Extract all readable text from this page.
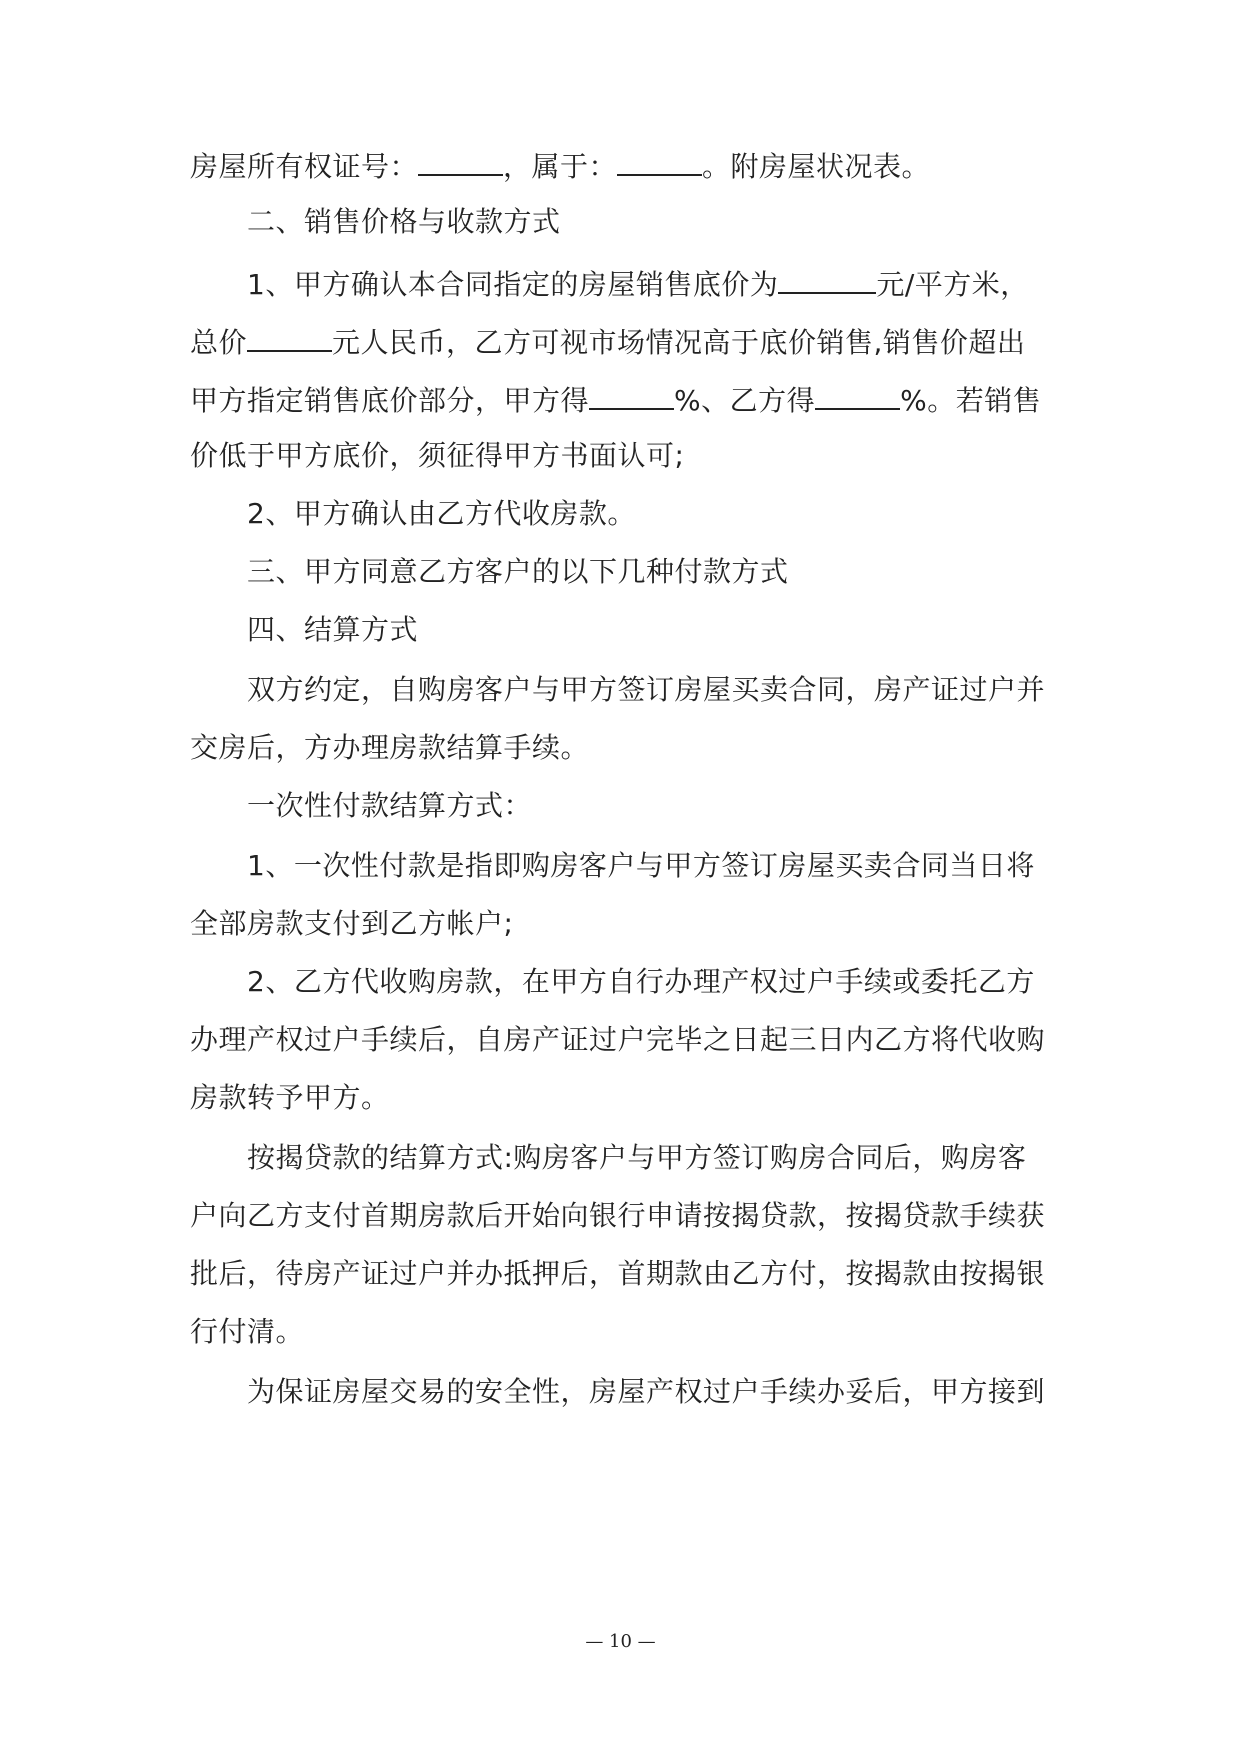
房屋所有权证号：	，属于：	。附房屋状况表。
二、销售价格与收款方式
1、甲方确认本合同指定的房屋销售底价为	元/平方米，
总价	元人民币，乙方可视市场情况高于底价销售,销售价超出
甲方指定销售底价部分，甲方得	%、乙方得	%。若销售
价低于甲方底价，须征得甲方书面认可;
2、甲方确认由乙方代收房款。
三、甲方同意乙方客户的以下几种付款方式
四、结算方式
双方约定，自购房客户与甲方签订房屋买卖合同，房产证过户并
交房后，方办理房款结算手续。
一次性付款结算方式：
1、一次性付款是指即购房客户与甲方签订房屋买卖合同当日将
全部房款支付到乙方帐户;
2、乙方代收购房款，在甲方自行办理产权过户手续或委托乙方
办理产权过户手续后，自房产证过户完毕之日起三日内乙方将代收购
房款转予甲方。
按揭贷款的结算方式:购房客户与甲方签订购房合同后，购房客
户向乙方支付首期房款后开始向银行申请按揭贷款，按揭贷款手续获
批后，待房产证过户并办抵押后，首期款由乙方付，按揭款由按揭银
行付清。
为保证房屋交易的安全性，房屋产权过户手续办妥后，甲方接到
— 10 —
